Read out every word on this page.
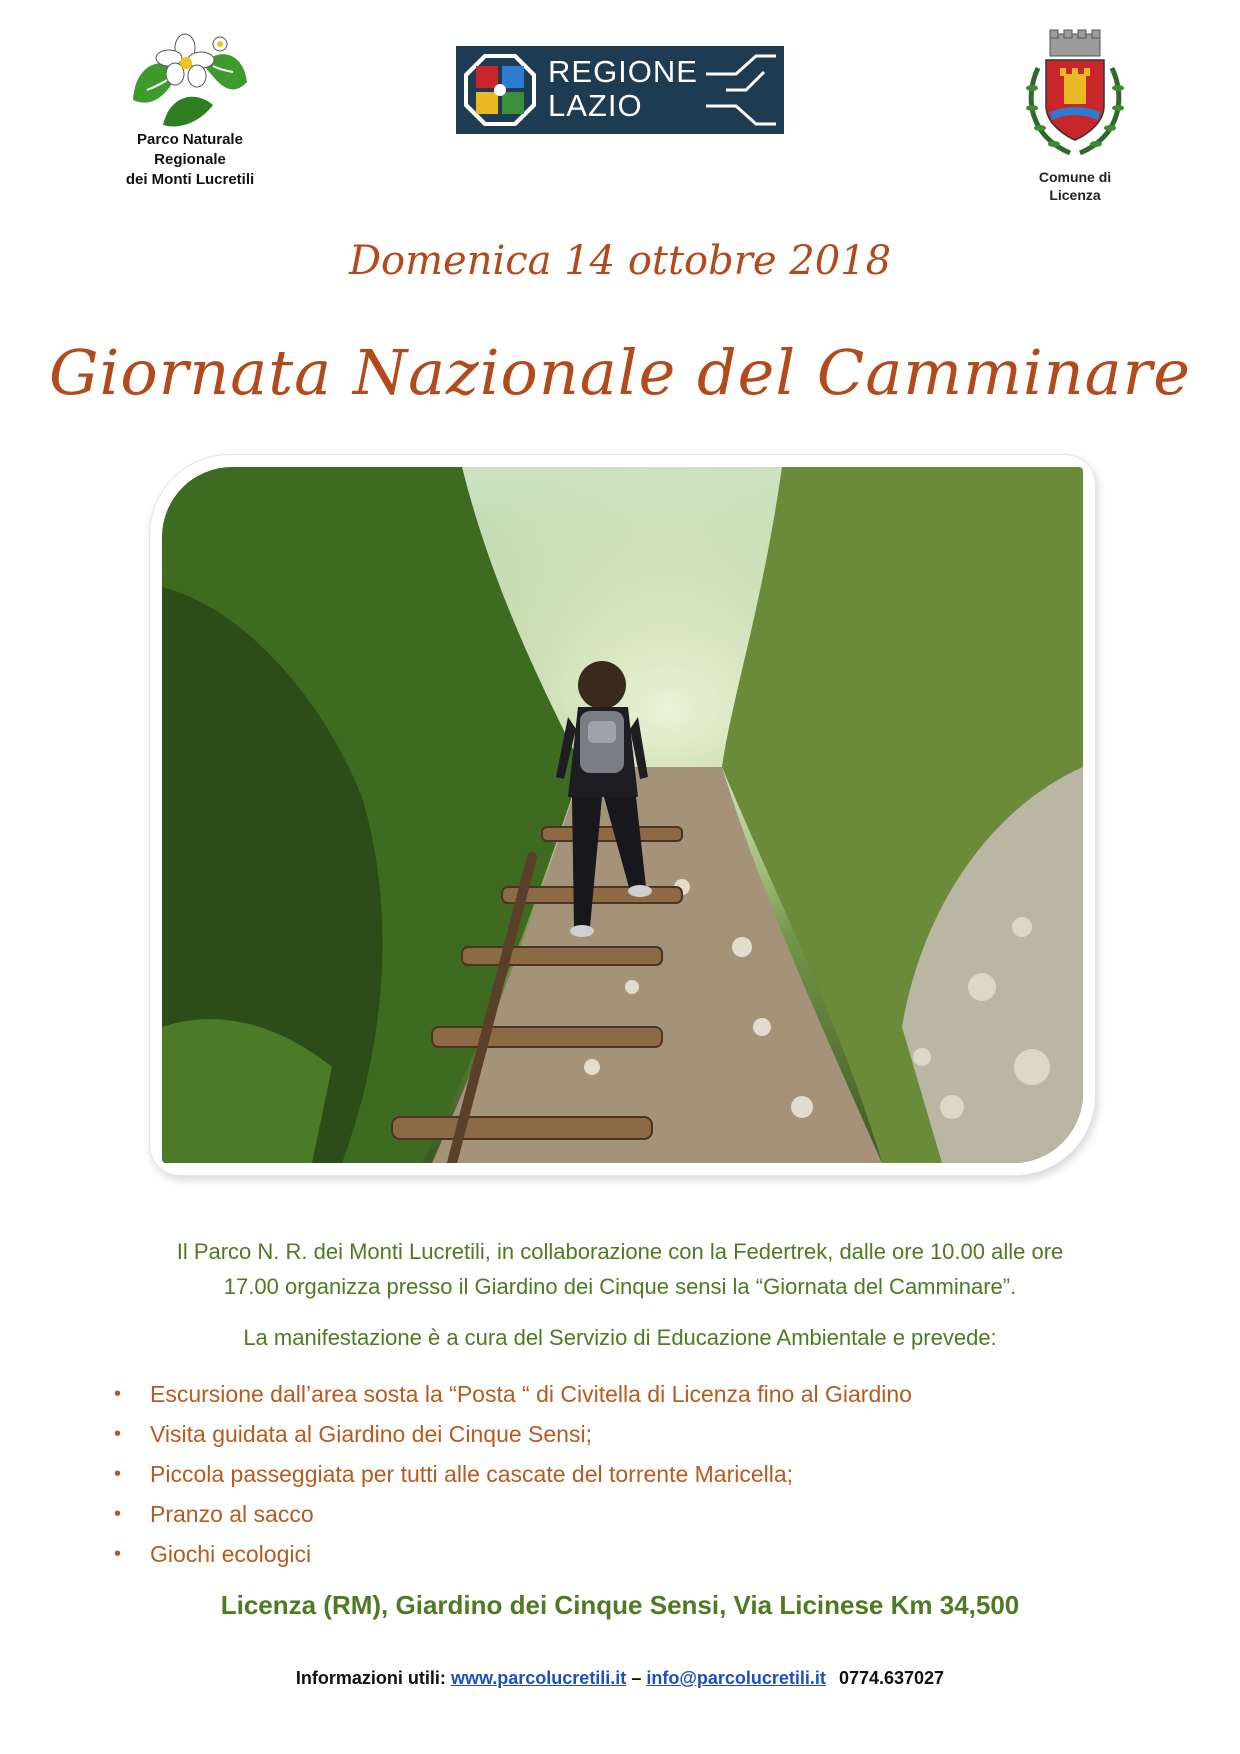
Parco Naturale Regionale
dei Monti Lucretili
REGIONE
LAZIO
Comune di
Licenza
Domenica 14 ottobre 2018
Giornata Nazionale del Camminare
Il Parco N. R. dei Monti Lucretili, in collaborazione con la Federtrek, dalle ore 10.00 alle ore
17.00 organizza presso il Giardino dei Cinque sensi la “Giornata del Camminare”.
La manifestazione è a cura del Servizio di Educazione Ambientale e prevede:
• Escursione dall’area sosta la “Posta “ di Civitella di Licenza fino al Giardino
• Visita guidata al Giardino dei Cinque Sensi;
• Piccola passeggiata per tutti alle cascate del torrente Maricella;
• Pranzo al sacco
• Giochi ecologici
Licenza (RM), Giardino dei Cinque Sensi, Via Licinese Km 34,500
Informazioni utili: www.parcolucretili.it – info@parcolucretili.it 0774.637027
